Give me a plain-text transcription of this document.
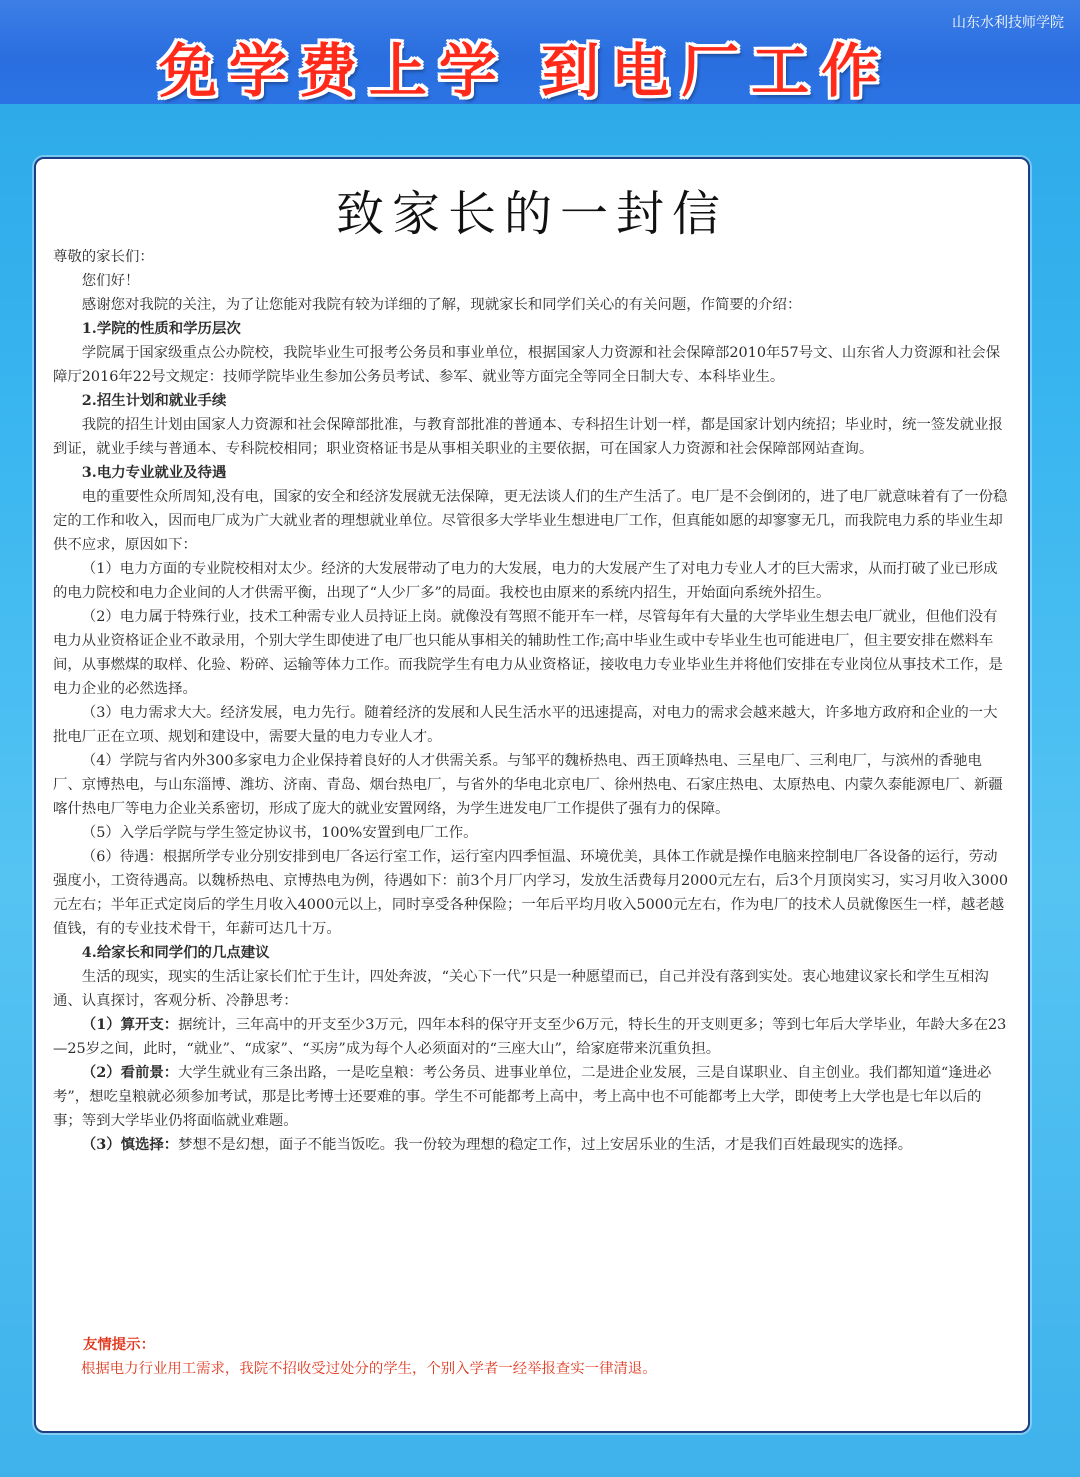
免学费上学 到电厂工作
山东水利技师学院
致家长的一封信

尊敬的家长们：

您们好！

感谢您对我院的关注，为了让您能对我院有较为详细的了解，现就家长和同学们关心的有关问题，作简要的介绍：

1.学院的性质和学历层次

学院属于国家级重点公办院校，我院毕业生可报考公务员和事业单位，根据国家人力资源和社会保障部2010年57号文、山东省人力资源和社会保障厅2016年22号文规定：技师学院毕业生参加公务员考试、参军、就业等方面完全等同全日制大专、本科毕业生。

2.招生计划和就业手续

我院的招生计划由国家人力资源和社会保障部批准，与教育部批准的普通本、专科招生计划一样，都是国家计划内统招；毕业时，统一签发就业报到证，就业手续与普通本、专科院校相同；职业资格证书是从事相关职业的主要依据，可在国家人力资源和社会保障部网站查询。

3.电力专业就业及待遇

电的重要性众所周知,没有电，国家的安全和经济发展就无法保障，更无法谈人们的生产生活了。电厂是不会倒闭的，进了电厂就意味着有了一份稳定的工作和收入，因而电厂成为广大就业者的理想就业单位。尽管很多大学毕业生想进电厂工作，但真能如愿的却寥寥无几，而我院电力系的毕业生却供不应求，原因如下：

（1）电力方面的专业院校相对太少。经济的大发展带动了电力的大发展，电力的大发展产生了对电力专业人才的巨大需求，从而打破了业已形成的电力院校和电力企业间的人才供需平衡，出现了“人少厂多”的局面。我校也由原来的系统内招生，开始面向系统外招生。

（2）电力属于特殊行业，技术工种需专业人员持证上岗。就像没有驾照不能开车一样，尽管每年有大量的大学毕业生想去电厂就业，但他们没有电力从业资格证企业不敢录用，个别大学生即使进了电厂也只能从事相关的辅助性工作;高中毕业生或中专毕业生也可能进电厂，但主要安排在燃料车间，从事燃煤的取样、化验、粉碎、运输等体力工作。而我院学生有电力从业资格证，接收电力专业毕业生并将他们安排在专业岗位从事技术工作，是电力企业的必然选择。

（3）电力需求大大。经济发展，电力先行。随着经济的发展和人民生活水平的迅速提高，对电力的需求会越来越大，许多地方政府和企业的一大批电厂正在立项、规划和建设中，需要大量的电力专业人才。

（4）学院与省内外300多家电力企业保持着良好的人才供需关系。与邹平的魏桥热电、西王顶峰热电、三星电厂、三利电厂，与滨州的香驰电厂、京博热电，与山东淄博、潍坊、济南、青岛、烟台热电厂，与省外的华电北京电厂、徐州热电、石家庄热电、太原热电、内蒙久泰能源电厂、新疆喀什热电厂等电力企业关系密切，形成了庞大的就业安置网络，为学生进发电厂工作提供了强有力的保障。

（5）入学后学院与学生签定协议书，100%安置到电厂工作。

（6）待遇：根据所学专业分别安排到电厂各运行室工作，运行室内四季恒温、环境优美，具体工作就是操作电脑来控制电厂各设备的运行，劳动强度小，工资待遇高。以魏桥热电、京博热电为例，待遇如下：前3个月厂内学习，发放生活费每月2000元左右，后3个月顶岗实习，实习月收入3000元左右；半年正式定岗后的学生月收入4000元以上，同时享受各种保险；一年后平均月收入5000元左右，作为电厂的技术人员就像医生一样，越老越值钱，有的专业技术骨干，年薪可达几十万。

4.给家长和同学们的几点建议

生活的现实，现实的生活让家长们忙于生计，四处奔波，“关心下一代”只是一种愿望而已，自己并没有落到实处。衷心地建议家长和学生互相沟通、认真探讨，客观分析、冷静思考：

（1）算开支：据统计，三年高中的开支至少3万元，四年本科的保守开支至少6万元，特长生的开支则更多；等到七年后大学毕业，年龄大多在23—25岁之间，此时，“就业”、“成家”、“买房”成为每个人必须面对的“三座大山”，给家庭带来沉重负担。

（2）看前景：大学生就业有三条出路，一是吃皇粮：考公务员、进事业单位，二是进企业发展，三是自谋职业、自主创业。我们都知道“逢进必考”，想吃皇粮就必须参加考试，那是比考博士还要难的事。学生不可能都考上高中，考上高中也不可能都考上大学，即使考上大学也是七年以后的事；等到大学毕业仍将面临就业难题。

（3）慎选择：梦想不是幻想，面子不能当饭吃。我一份较为理想的稳定工作，过上安居乐业的生活，才是我们百姓最现实的选择。

友情提示：
根据电力行业用工需求，我院不招收受过处分的学生，个别入学者一经举报查实一律清退。
